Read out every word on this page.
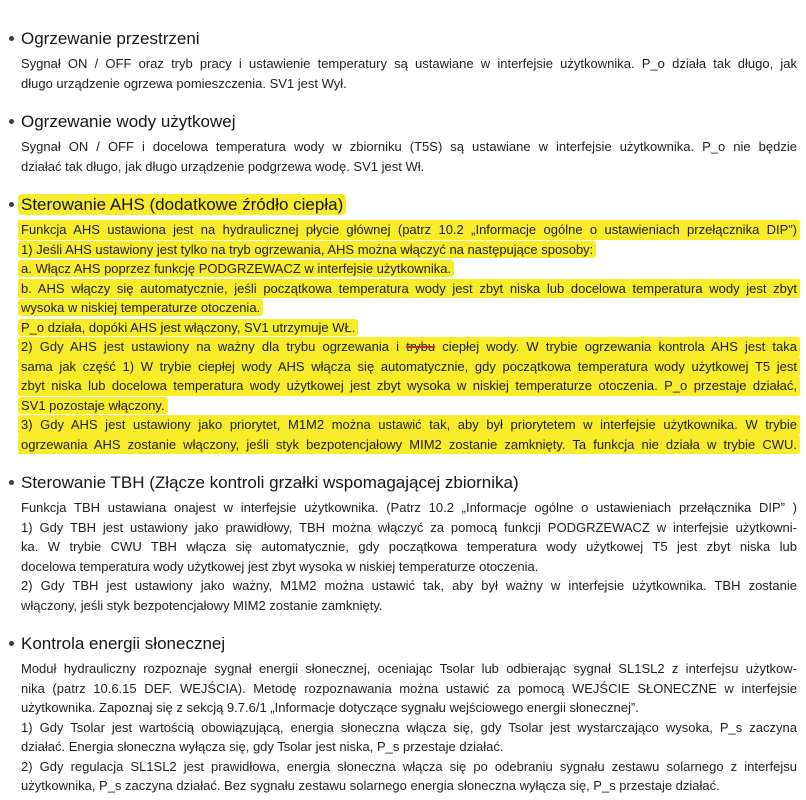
Ogrzewanie przestrzeni
Sygnał ON / OFF oraz tryb pracy i ustawienie temperatury są ustawiane w interfejsie użytkownika. P_o działa tak długo, jak
długo urządzenie ogrzewa pomieszczenia. SV1 jest Wył.
Ogrzewanie wody użytkowej
Sygnał ON / OFF i docelowa temperatura wody w zbiorniku (T5S) są ustawiane w interfejsie użytkownika. P_o nie będzie
działać tak długo, jak długo urządzenie podgrzewa wodę. SV1 jest Wł.
Sterowanie AHS (dodatkowe źródło ciepła)
Funkcja AHS ustawiona jest na hydraulicznej płycie głównej (patrz 10.2 „Informacje ogólne o ustawieniach przełącznika DIP”)
1) Jeśli AHS ustawiony jest tylko na tryb ogrzewania, AHS można włączyć na następujące sposoby:
a. Włącz AHS poprzez funkcję PODGRZEWACZ w interfejsie użytkownika.
b. AHS włączy się automatycznie, jeśli początkowa temperatura wody jest zbyt niska lub docelowa temperatura wody jest zbyt
wysoka w niskiej temperaturze otoczenia.
P_o działa, dopóki AHS jest włączony, SV1 utrzymuje WŁ.
2) Gdy AHS jest ustawiony na ważny dla trybu ogrzewania i trybu ciepłej wody. W trybie ogrzewania kontrola AHS jest taka
sama jak część 1) W trybie ciepłej wody AHS włącza się automatycznie, gdy początkowa temperatura wody użytkowej T5 jest
zbyt niska lub docelowa temperatura wody użytkowej jest zbyt wysoka w niskiej temperaturze otoczenia. P_o przestaje działać,
SV1 pozostaje włączony.
3) Gdy AHS jest ustawiony jako priorytet, M1M2 można ustawić tak, aby był priorytetem w interfejsie użytkownika. W trybie
ogrzewania AHS zostanie włączony, jeśli styk bezpotencjałowy MIM2 zostanie zamknięty. Ta funkcja nie działa w trybie CWU.
Sterowanie TBH (Złącze kontroli grzałki wspomagającej zbiornika)
Funkcja TBH ustawiana onajest w interfejsie użytkownika. (Patrz 10.2 „Informacje ogólne o ustawieniach przełącznika DIP” )
1) Gdy TBH jest ustawiony jako prawidłowy, TBH można włączyć za pomocą funkcji PODGRZEWACZ w interfejsie użytkowni-
ka. W trybie CWU TBH włącza się automatycznie, gdy początkowa temperatura wody użytkowej T5 jest zbyt niska lub
docelowa temperatura wody użytkowej jest zbyt wysoka w niskiej temperaturze otoczenia.
2) Gdy TBH jest ustawiony jako ważny, M1M2 można ustawić tak, aby był ważny w interfejsie użytkownika. TBH zostanie
włączony, jeśli styk bezpotencjałowy MIM2 zostanie zamknięty.
Kontrola energii słonecznej
Moduł hydrauliczny rozpoznaje sygnał energii słonecznej, oceniając Tsolar lub odbierając sygnał SL1SL2 z interfejsu użytkow-
nika (patrz 10.6.15 DEF. WEJŚCIA). Metodę rozpoznawania można ustawić za pomocą WEJŚCIE SŁONECZNE w interfejsie
użytkownika. Zapoznaj się z sekcją 9.7.6/1 „Informacje dotyczące sygnału wejściowego energii słonecznej”.
1) Gdy Tsolar jest wartością obowiązującą, energia słoneczna włącza się, gdy Tsolar jest wystarczająco wysoka, P_s zaczyna
działać. Energia słoneczna wyłącza się, gdy Tsolar jest niska, P_s przestaje działać.
2) Gdy regulacja SL1SL2 jest prawidłowa, energia słoneczna włącza się po odebraniu sygnału zestawu solarnego z interfejsu
użytkownika, P_s zaczyna działać. Bez sygnału zestawu solarnego energia słoneczna wyłącza się, P_s przestaje działać.
